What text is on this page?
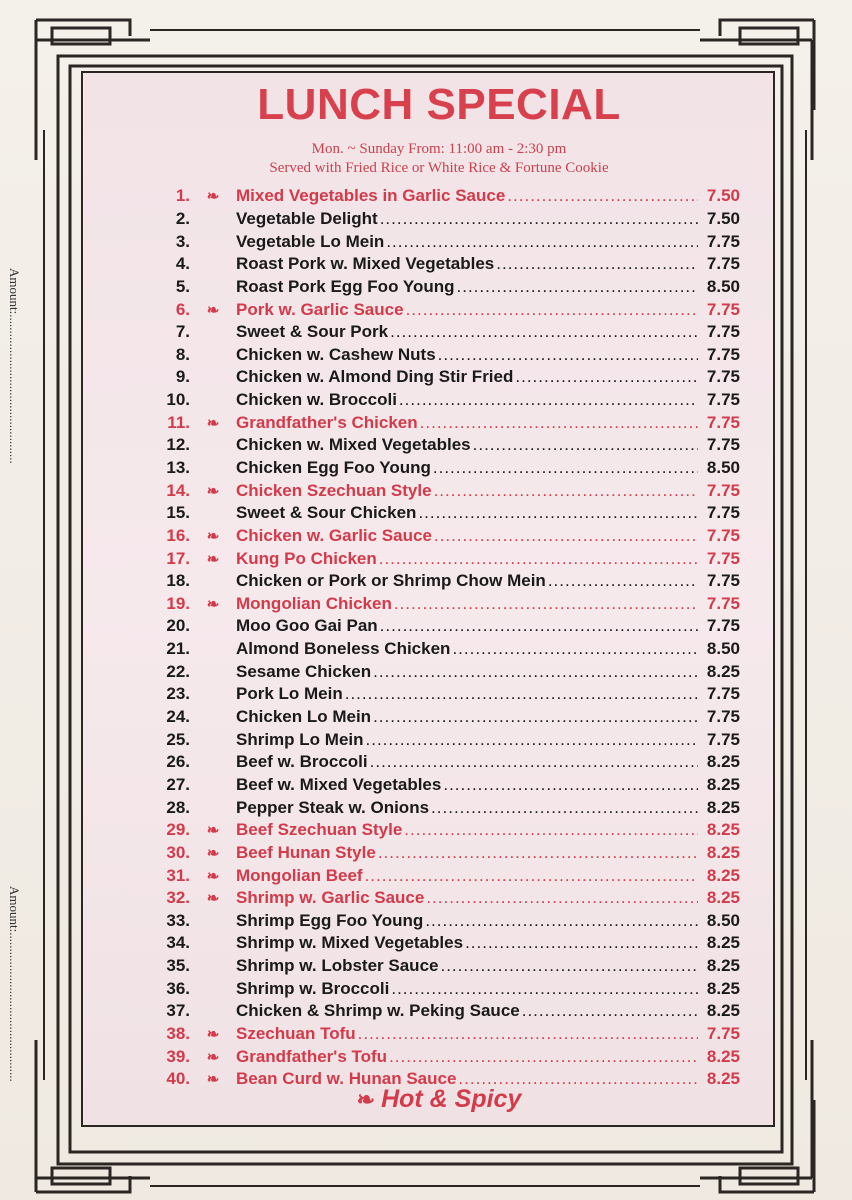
Amount:..............................................
Amount:..............................................
LUNCH SPECIAL
Mon. ~ Sunday From: 11:00 am - 2:30 pm
Served with Fried Rice or White Rice & Fortune Cookie
1.	❧ Mixed Vegetables in Garlic Sauce .....	7.50
2.	Vegetable Delight .....	7.50
3.	Vegetable Lo Mein .....	7.75
4.	Roast Pork w. Mixed Vegetables .....	7.75
5.	Roast Pork Egg Foo Young .....	8.50
6.	❧ Pork w. Garlic Sauce .....	7.75
7.	Sweet & Sour Pork .....	7.75
8.	Chicken w. Cashew Nuts .....	7.75
9.	Chicken w. Almond Ding Stir Fried .....	7.75
10.	Chicken w. Broccoli .....	7.75
11.	❧ Grandfather's Chicken .....	7.75
12.	Chicken w. Mixed Vegetables .....	7.75
13.	Chicken Egg Foo Young .....	8.50
14.	❧ Chicken Szechuan Style .....	7.75
15.	Sweet & Sour Chicken .....	7.75
16.	❧ Chicken w. Garlic Sauce .....	7.75
17.	❧ Kung Po Chicken .....	7.75
18.	Chicken or Pork or Shrimp Chow Mein .....	7.75
19.	❧ Mongolian Chicken .....	7.75
20.	Moo Goo Gai Pan .....	7.75
21.	Almond Boneless Chicken .....	8.50
22.	Sesame Chicken .....	8.25
23.	Pork Lo Mein .....	7.75
24.	Chicken Lo Mein .....	7.75
25.	Shrimp Lo Mein .....	7.75
26.	Beef w. Broccoli .....	8.25
27.	Beef w. Mixed Vegetables .....	8.25
28.	Pepper Steak w. Onions .....	8.25
29.	❧ Beef Szechuan Style .....	8.25
30.	❧ Beef Hunan Style .....	8.25
31.	❧ Mongolian Beef .....	8.25
32.	❧ Shrimp w. Garlic Sauce .....	8.25
33.	Shrimp Egg Foo Young .....	8.50
34.	Shrimp w. Mixed Vegetables .....	8.25
35.	Shrimp w. Lobster Sauce .....	8.25
36.	Shrimp w. Broccoli .....	8.25
37.	Chicken & Shrimp w. Peking Sauce .....	8.25
38.	❧ Szechuan Tofu .....	7.75
39.	❧ Grandfather's Tofu .....	8.25
40.	❧ Bean Curd w. Hunan Sauce .....	8.25
❧ Hot & Spicy
